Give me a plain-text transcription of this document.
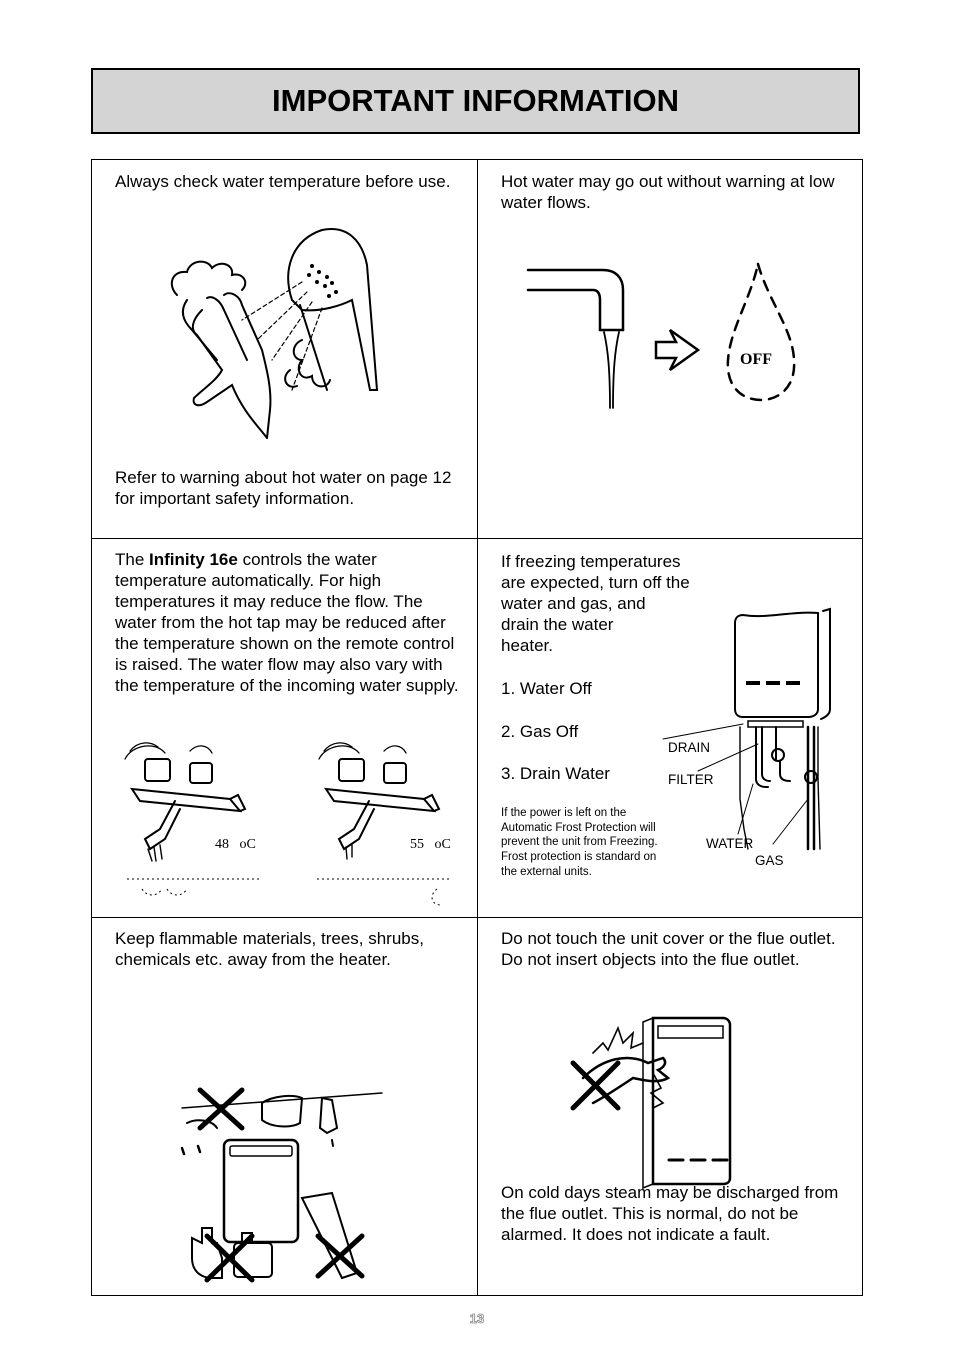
IMPORTANT INFORMATION
Always check water temperature before use.
Refer to warning about hot water on page 12 for important safety information.
Hot water may go out without warning at low water flows.
OFF
The Infinity 16e controls the water temperature automatically. For high temperatures it may reduce the flow. The water from the hot tap may be reduced after the temperature shown on the remote control is raised. The water flow may also vary with the temperature of the incoming water supply.
48 oC	55 oC
If freezing temperatures
are expected, turn off the
water and gas, and
drain the water
heater.
1. Water Off
2. Gas Off
3. Drain Water
If the power is left on the Automatic Frost Protection will prevent the unit from Freezing. Frost protection is standard on the external units.
DRAIN
FILTER
WATER
GAS
Keep flammable materials, trees, shrubs, chemicals etc. away from the heater.
Do not touch the unit cover or the flue outlet. Do not insert objects into the flue outlet.
On cold days steam may be discharged from the flue outlet. This is normal, do not be alarmed. It does not indicate a fault.
13
